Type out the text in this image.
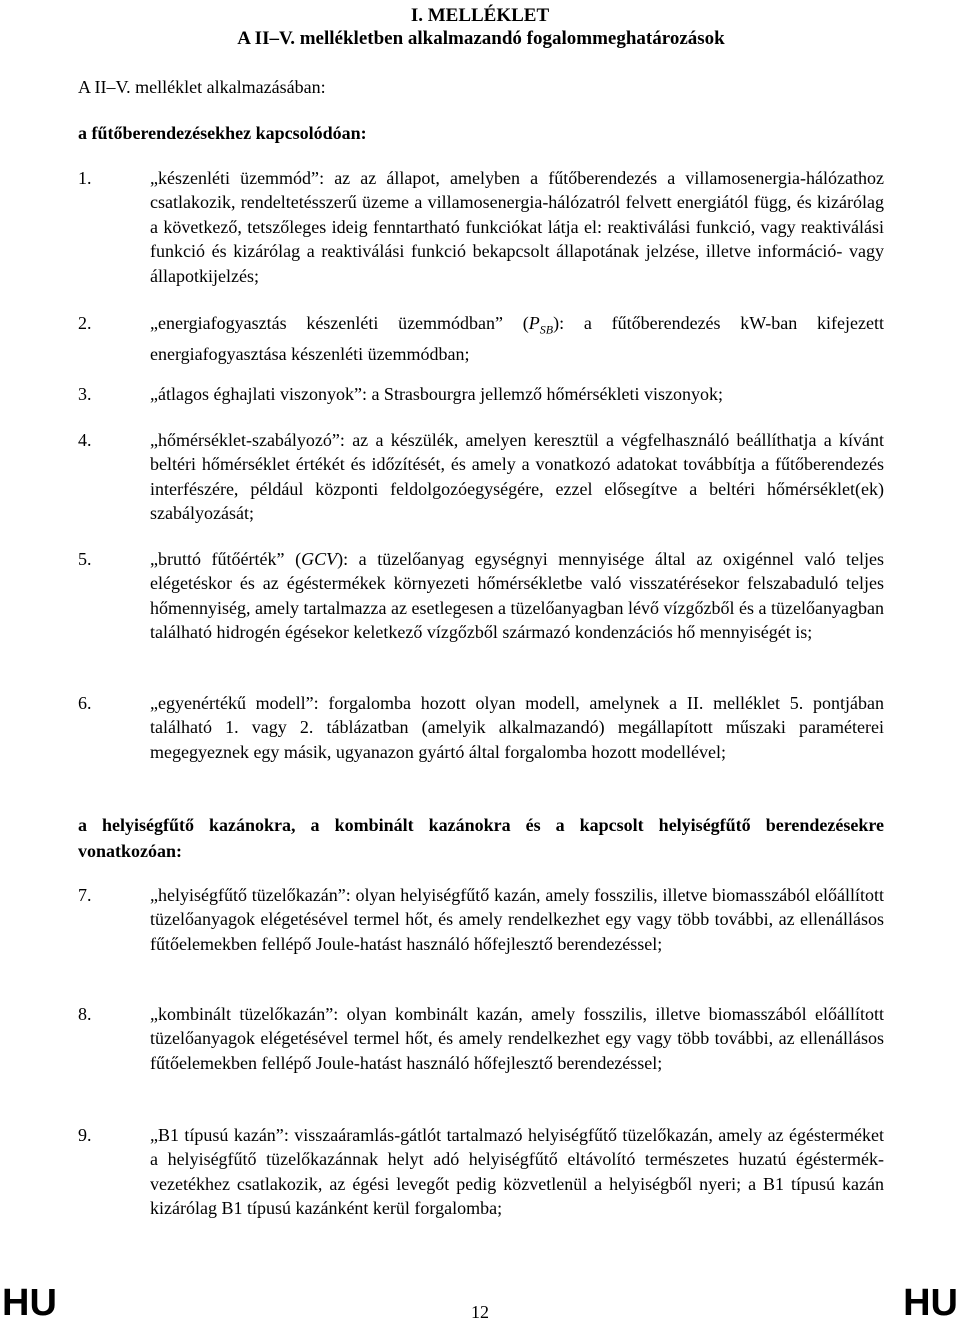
I. MELLÉKLET
A II–V. mellékletben alkalmazandó fogalommeghatározások

A II–V. melléklet alkalmazásában:

a fűtőberendezésekhez kapcsolódóan:

1.	„készenléti üzemmód”: az az állapot, amelyben a fűtőberendezés a villamosenergia-hálózathoz csatlakozik, rendeltetésszerű üzeme a villamosenergia-hálózatról felvett energiától függ, és kizárólag a következő, tetszőleges ideig fenntartható funkciókat látja el: reaktiválási funkció, vagy reaktiválási funkció és kizárólag a reaktiválási funkció bekapcsolt állapotának jelzése, illetve információ- vagy állapotkijelzés;
2.	„energiafogyasztás készenléti üzemmódban” $(P_{SB})$: a fűtőberendezés kW-ban kifejezett energiafogyasztása készenléti üzemmódban;
3.	„átlagos éghajlati viszonyok”: a Strasbourgra jellemző hőmérsékleti viszonyok;
4.	„hőmérséklet-szabályozó”: az a készülék, amelyen keresztül a végfelhasználó beállíthatja a kívánt beltéri hőmérséklet értékét és időzítését, és amely a vonatkozó adatokat továbbítja a fűtőberendezés interfészére, például központi feldolgozóegységére, ezzel elősegítve a beltéri hőmérséklet(ek) szabályozását;
5.	„bruttó fűtőérték” (GCV): a tüzelőanyag egységnyi mennyisége által az oxigénnel való teljes elégetéskor és az égéstermékek környezeti hőmérsékletbe való visszatérésekor felszabaduló teljes hőmennyiség, amely tartalmazza az esetlegesen a tüzelőanyagban lévő vízgőzből és a tüzelőanyagban található hidrogén égésekor keletkező vízgőzből származó kondenzációs hő mennyiségét is;
6.	„egyenértékű modell”: forgalomba hozott olyan modell, amelynek a II. melléklet 5. pontjában található 1. vagy 2. táblázatban (amelyik alkalmazandó) megállapított műszaki paraméterei megegyeznek egy másik, ugyanazon gyártó által forgalomba hozott modellével;

a helyiségfűtő kazánokra, a kombinált kazánokra és a kapcsolt helyiségfűtő berendezésekre vonatkozóan:

7.	„helyiségfűtő tüzelőkazán”: olyan helyiségfűtő kazán, amely fosszilis, illetve biomasszából előállított tüzelőanyagok elégetésével termel hőt, és amely rendelkezhet egy vagy több további, az ellenállásos fűtőelemekben fellépő Joule-hatást használó hőfejlesztő berendezéssel;
8.	„kombinált tüzelőkazán”: olyan kombinált kazán, amely fosszilis, illetve biomasszából előállított tüzelőanyagok elégetésével termel hőt, és amely rendelkezhet egy vagy több további, az ellenállásos fűtőelemekben fellépő Joule-hatást használó hőfejlesztő berendezéssel;
9.	„B1 típusú kazán”: visszaáramlás-gátlót tartalmazó helyiségfűtő tüzelőkazán, amely az égésterméket a helyiségfűtő tüzelőkazánnak helyt adó helyiségfűtő eltávolító természetes huzatú égéstermék-vezetékhez csatlakozik, az égési levegőt pedig közvetlenül a helyiségből nyeri; a B1 típusú kazán kizárólag B1 típusú kazánként kerül forgalomba;
HU	12	HU
